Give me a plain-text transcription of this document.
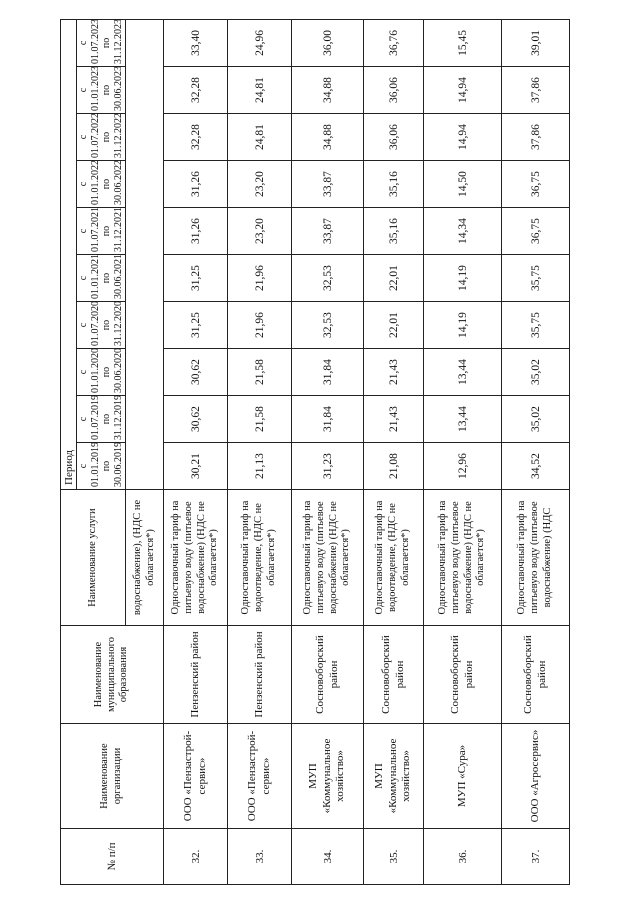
№ п/п	Наименование организации	Наименование муниципального образования	Наименование услуги	Период									
				с 01.01.2019 по 30.06.2019	с 01.07.2019 по 31.12.2019	с 01.01.2020 по 30.06.2020	с 01.07.2020 по 31.12.2020	с 01.01.2021 по 30.06.2021	с 01.07.2021 по 31.12.2021	с 01.01.2022 по 30.06.2022	с 01.07.2022 по 31.12.2022	с 01.01.2023 по 30.06.2023	с 01.07.2023 по 31.12.2023
			водоснабжение), (НДС не облагается*)										
32.	ООО «Пензастрой-сервис»	Пензенский район	Одноставочный тариф на питьевую воду (питьевое водоснабжение) (НДС не облагается*)	30,21	30,62	30,62	31,25	31,25	31,26	31,26	32,28	32,28	33,40
33.	ООО «Пензастрой-сервис»	Пензенский район	Одноставочный тариф на водоотведение, (НДС не облагается*)	21,13	21,58	21,58	21,96	21,96	23,20	23,20	24,81	24,81	24,96
34.	МУП «Коммунальное хозяйство»	Сосновоборский район	Одноставочный тариф на питьевую воду (питьевое водоснабжение) (НДС не облагается*)	31,23	31,84	31,84	32,53	32,53	33,87	33,87	34,88	34,88	36,00
35.	МУП «Коммунальное хозяйство»	Сосновоборский район	Одноставочный тариф на водоотведение, (НДС не облагается*)	21,08	21,43	21,43	22,01	22,01	35,16	35,16	36,06	36,06	36,76
36.	МУП «Сура»	Сосновоборский район	Одноставочный тариф на питьевую воду (питьевое водоснабжение) (НДС не облагается*)	12,96	13,44	13,44	14,19	14,19	14,34	14,50	14,94	14,94	15,45
37.	ООО «Агросервис»	Сосновоборский район	Одноставочный тариф на питьевую воду (питьевое водоснабжение) (НДС	34,52	35,02	35,02	35,75	35,75	36,75	36,75	37,86	37,86	39,01
